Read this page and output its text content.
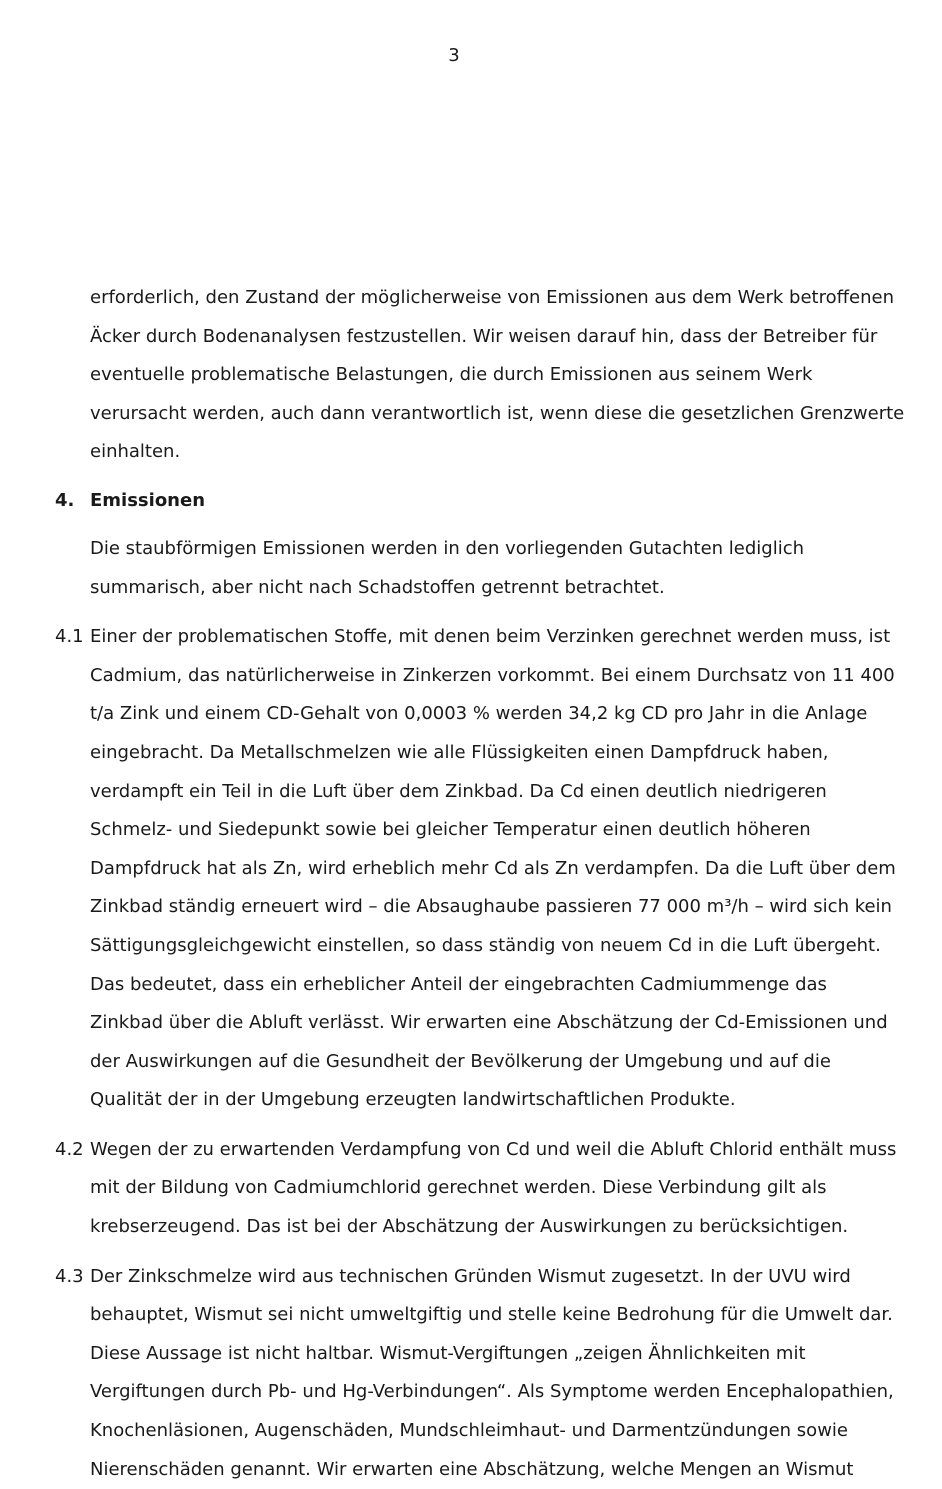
3

erforderlich, den Zustand der möglicherweise von Emissionen aus dem Werk betroffenen Äcker durch Bodenanalysen festzustellen. Wir weisen darauf hin, dass der Betreiber für eventuelle problematische Belastungen, die durch Emissionen aus seinem Werk verursacht werden, auch dann verantwortlich ist, wenn diese die gesetzlichen Grenzwerte einhalten.

4. Emissionen

Die staubförmigen Emissionen werden in den vorliegenden Gutachten lediglich summarisch, aber nicht nach Schadstoffen getrennt betrachtet.

4.1 Einer der problematischen Stoffe, mit denen beim Verzinken gerechnet werden muss, ist Cadmium, das natürlicherweise in Zinkerzen vorkommt. Bei einem Durchsatz von 11 400 t/a Zink und einem CD-Gehalt von 0,0003 % werden 34,2 kg CD pro Jahr in die Anlage eingebracht. Da Metallschmelzen wie alle Flüssigkeiten einen Dampfdruck haben, verdampft ein Teil in die Luft über dem Zinkbad. Da Cd einen deutlich niedrigeren Schmelz- und Siedepunkt sowie bei gleicher Temperatur einen deutlich höheren Dampfdruck hat als Zn, wird erheblich mehr Cd als Zn verdampfen. Da die Luft über dem Zinkbad ständig erneuert wird – die Absaughaube passieren 77 000 m³/h – wird sich kein Sättigungsgleichgewicht einstellen, so dass ständig von neuem Cd in die Luft übergeht. Das bedeutet, dass ein erheblicher Anteil der eingebrachten Cadmiummenge das Zinkbad über die Abluft verlässt. Wir erwarten eine Abschätzung der Cd-Emissionen und der Auswirkungen auf die Gesundheit der Bevölkerung der Umgebung und auf die Qualität der in der Umgebung erzeugten landwirtschaftlichen Produkte.

4.2 Wegen der zu erwartenden Verdampfung von Cd und weil die Abluft Chlorid enthält muss mit der Bildung von Cadmiumchlorid gerechnet werden. Diese Verbindung gilt als krebserzeugend. Das ist bei der Abschätzung der Auswirkungen zu berücksichtigen.

4.3 Der Zinkschmelze wird aus technischen Gründen Wismut zugesetzt. In der UVU wird behauptet, Wismut sei nicht umweltgiftig und stelle keine Bedrohung für die Umwelt dar. Diese Aussage ist nicht haltbar. Wismut-Vergiftungen „zeigen Ähnlichkeiten mit Vergiftungen durch Pb- und Hg-Verbindungen“. Als Symptome werden Encephalopathien, Knochenläsionen, Augenschäden, Mundschleimhaut- und Darmentzündungen sowie Nierenschäden genannt. Wir erwarten eine Abschätzung, welche Mengen an Wismut
